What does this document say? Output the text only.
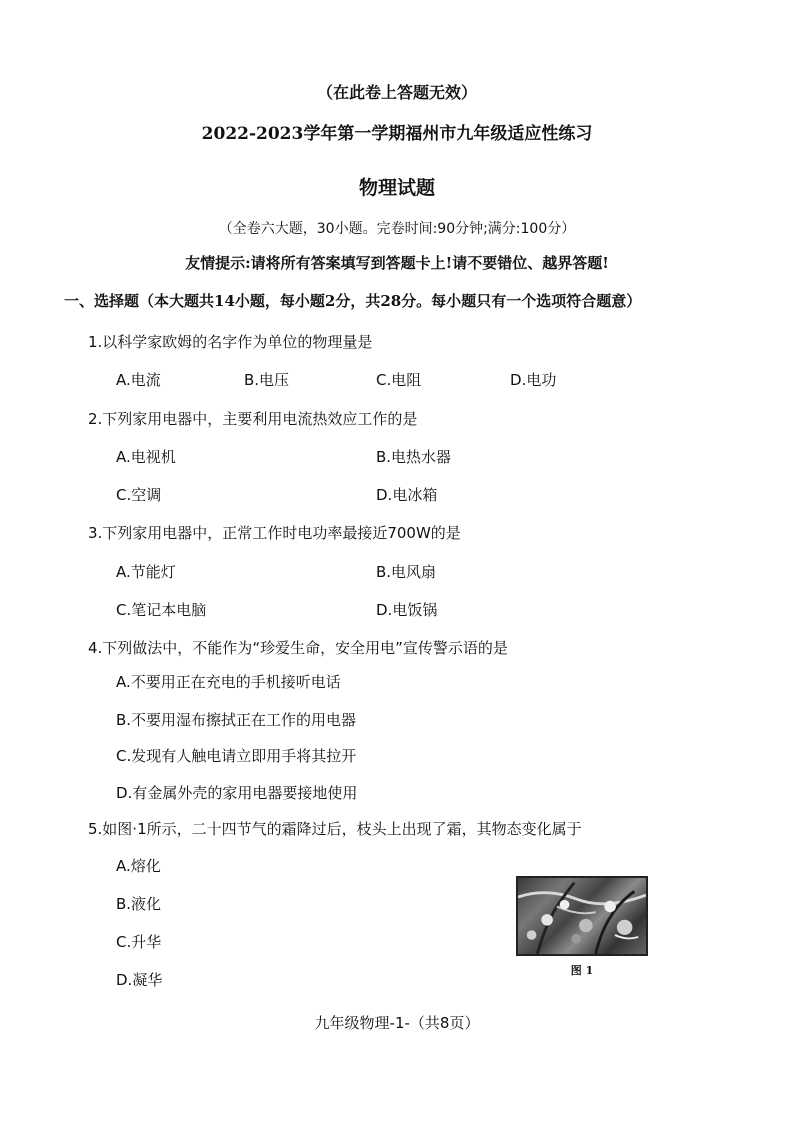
（在此卷上答题无效）
2022-2023学年第一学期福州市九年级适应性练习
物理试题
（全卷六大题，30小题。完卷时间:90分钟;满分:100分）
友情提示:请将所有答案填写到答题卡上!请不要错位、越界答题!
一、选择题（本大题共14小题，每小题2分，共28分。每小题只有一个选项符合题意）
1.以科学家欧姆的名字作为单位的物理量是
A.电流	B.电压	C.电阻	D.电功
2.下列家用电器中，主要利用电流热效应工作的是
A.电视机	B.电热水器
C.空调	D.电冰箱
3.下列家用电器中，正常工作时电功率最接近700W的是
A.节能灯	B.电风扇
C.笔记本电脑	D.电饭锅
4.下列做法中，不能作为“珍爱生命，安全用电”宣传警示语的是
A.不要用正在充电的手机接听电话
B.不要用湿布擦拭正在工作的用电器
C.发现有人触电请立即用手将其拉开
D.有金属外壳的家用电器要接地使用
5.如图·1所示，二十四节气的霜降过后，枝头上出现了霜，其物态变化属于
A.熔化
B.液化
C.升华
D.凝华
图 1
九年级物理-1-（共8页）
